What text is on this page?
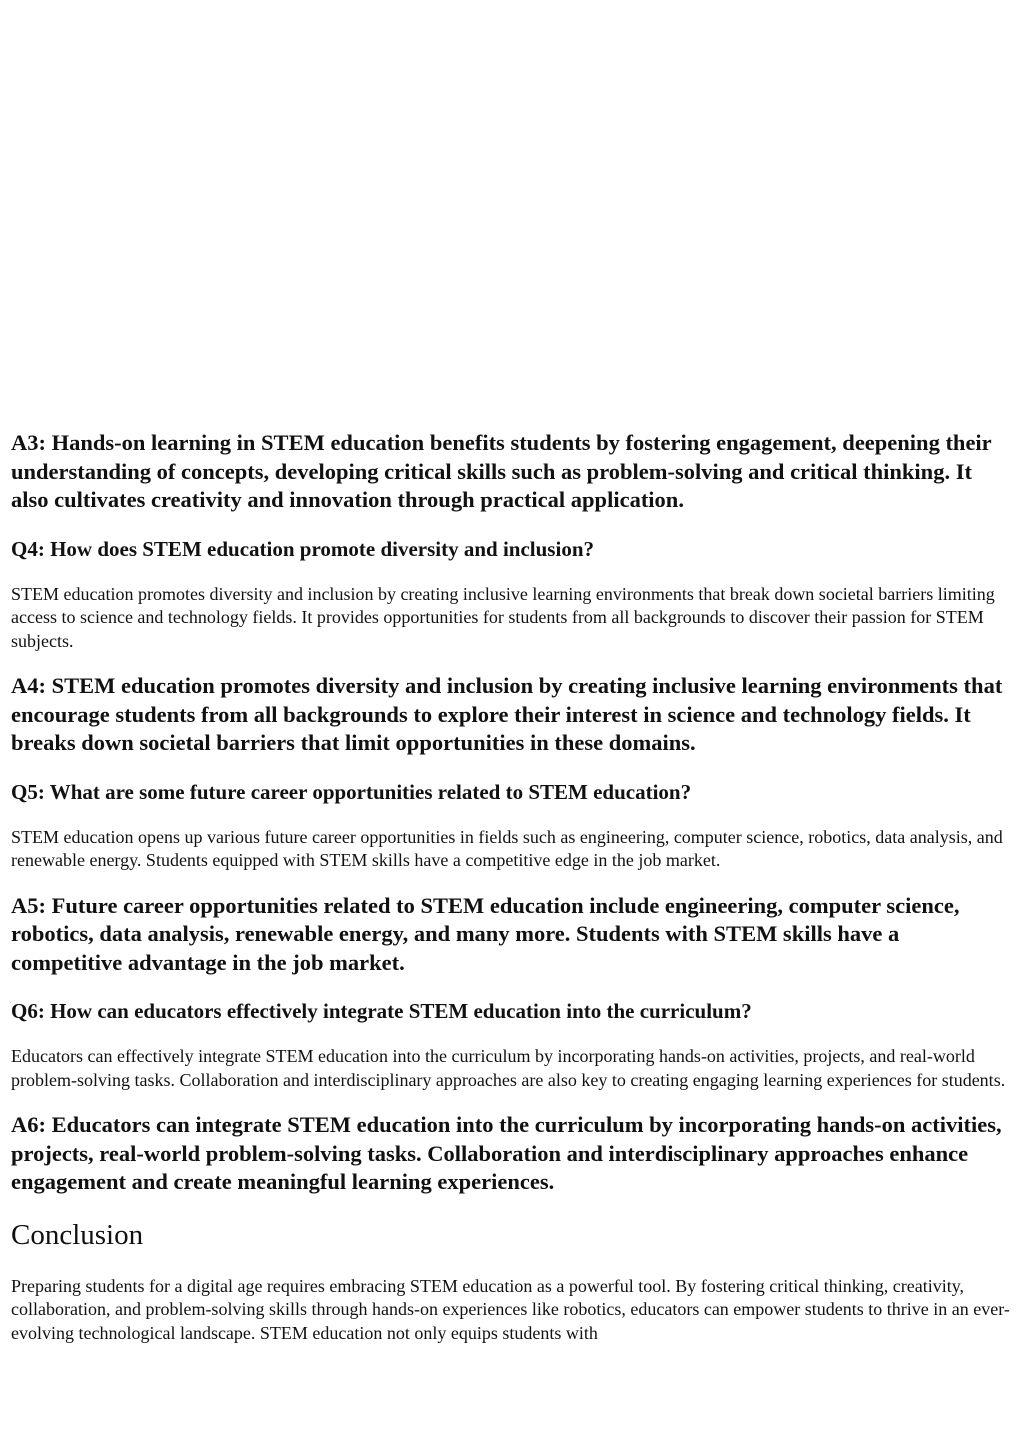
A3: Hands-on learning in STEM education benefits students by fostering engagement, deepening their understanding of concepts, developing critical skills such as problem-solving and critical thinking. It also cultivates creativity and innovation through practical application.

Q4: How does STEM education promote diversity and inclusion?

STEM education promotes diversity and inclusion by creating inclusive learning environments that break down societal barriers limiting access to science and technology fields. It provides opportunities for students from all backgrounds to discover their passion for STEM subjects.

A4: STEM education promotes diversity and inclusion by creating inclusive learning environments that encourage students from all backgrounds to explore their interest in science and technology fields. It breaks down societal barriers that limit opportunities in these domains.

Q5: What are some future career opportunities related to STEM education?

STEM education opens up various future career opportunities in fields such as engineering, computer science, robotics, data analysis, and renewable energy. Students equipped with STEM skills have a competitive edge in the job market.

A5: Future career opportunities related to STEM education include engineering, computer science, robotics, data analysis, renewable energy, and many more. Students with STEM skills have a competitive advantage in the job market.

Q6: How can educators effectively integrate STEM education into the curriculum?

Educators can effectively integrate STEM education into the curriculum by incorporating hands-on activities, projects, and real-world problem-solving tasks. Collaboration and interdisciplinary approaches are also key to creating engaging learning experiences for students.

A6: Educators can integrate STEM education into the curriculum by incorporating hands-on activities, projects, real-world problem-solving tasks. Collaboration and interdisciplinary approaches enhance engagement and create meaningful learning experiences.

Conclusion

Preparing students for a digital age requires embracing STEM education as a powerful tool. By fostering critical thinking, creativity, collaboration, and problem-solving skills through hands-on experiences like robotics, educators can empower students to thrive in an ever-evolving technological landscape. STEM education not only equips students with
